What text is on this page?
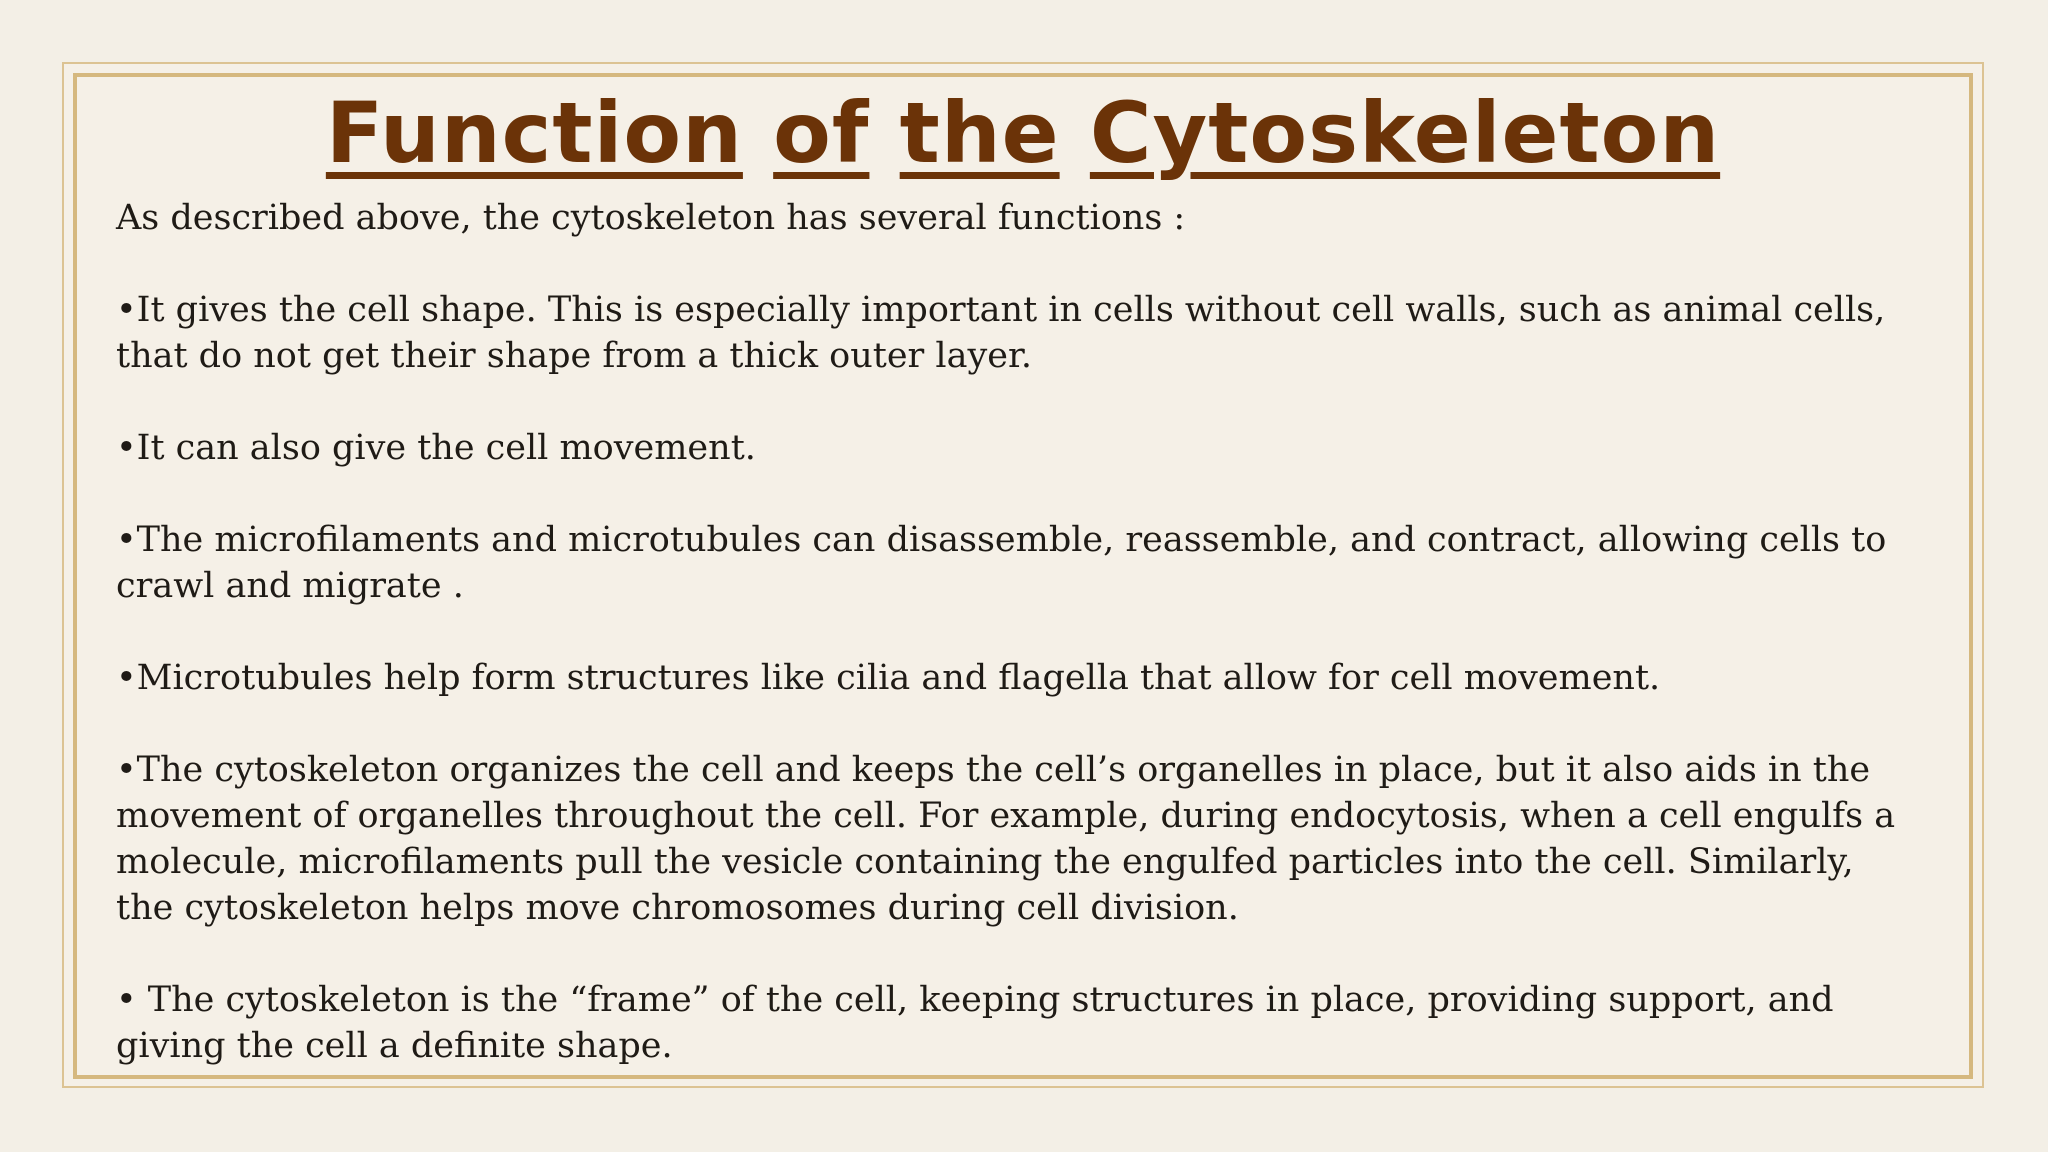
Function of the Cytoskeleton

As described above, the cytoskeleton has several functions :

•It gives the cell shape. This is especially important in cells without cell walls, such as animal cells, that do not get their shape from a thick outer layer.

•It can also give the cell movement.

•The microfilaments and microtubules can disassemble, reassemble, and contract, allowing cells to crawl and migrate .

•Microtubules help form structures like cilia and flagella that allow for cell movement.

•The cytoskeleton organizes the cell and keeps the cell’s organelles in place, but it also aids in the movement of organelles throughout the cell. For example, during endocytosis, when a cell engulfs a molecule, microfilaments pull the vesicle containing the engulfed particles into the cell. Similarly, the cytoskeleton helps move chromosomes during cell division.

• The cytoskeleton is the “frame” of the cell, keeping structures in place, providing support, and giving the cell a definite shape.
